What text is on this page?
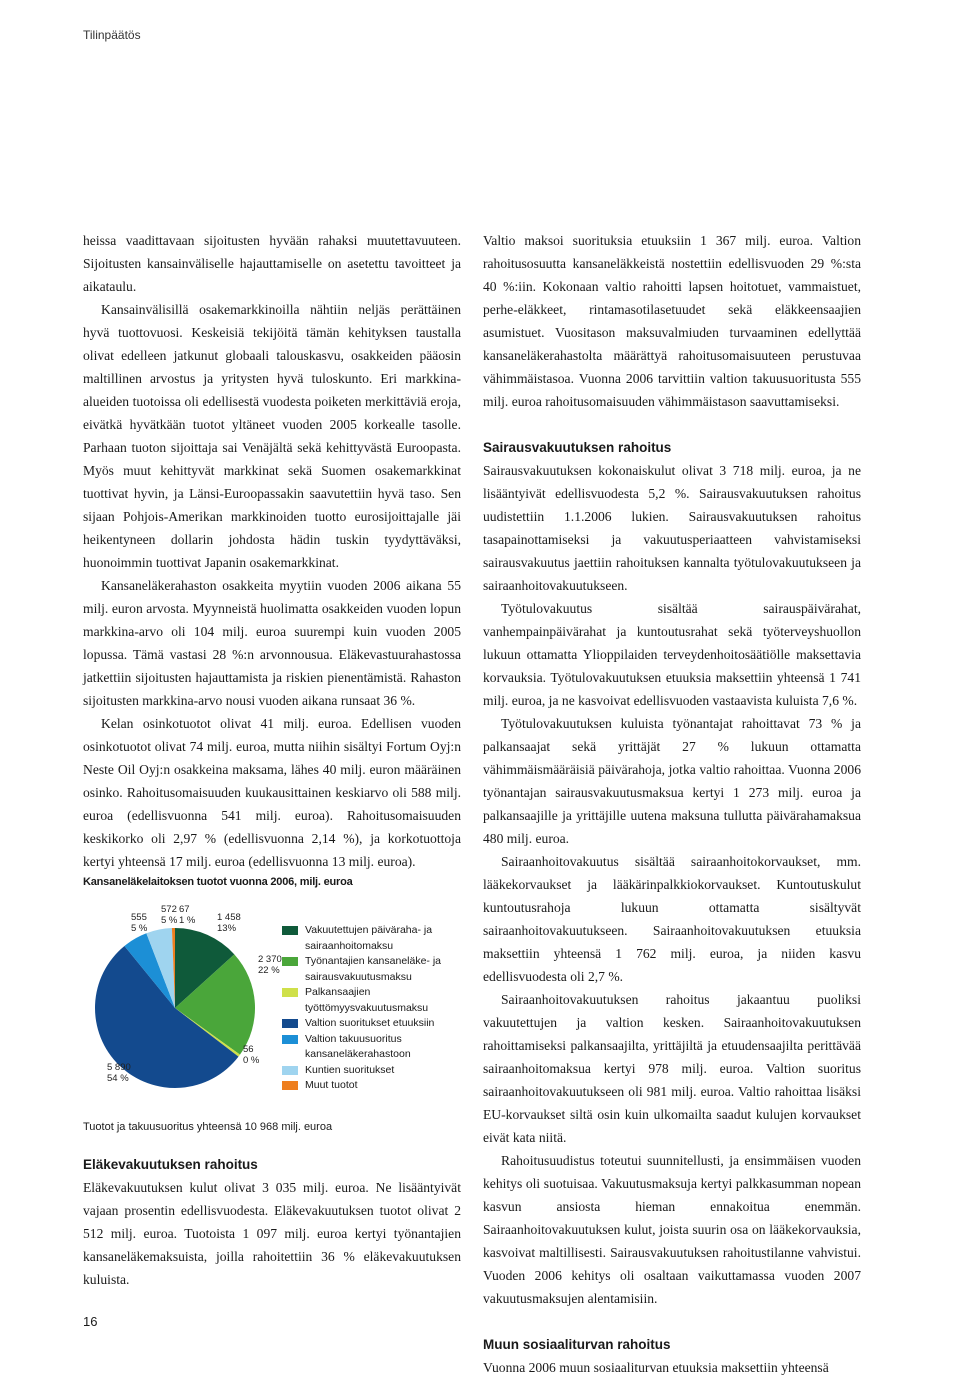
Tilinpäätös

heissa vaadittavaan sijoitusten hyvään rahaksi muutettavuuteen. Sijoitusten kansainväliselle hajauttamiselle on asetettu tavoitteet ja aikataulu.

Kansainvälisillä osakemarkkinoilla nähtiin neljäs perättäinen hyvä tuottovuosi. Keskeisiä tekijöitä tämän kehityksen taustalla olivat edelleen jatkunut globaali talouskasvu, osakkeiden pääosin maltillinen arvostus ja yritysten hyvä tuloskunto. Eri markkina-alueiden tuotoissa oli edellisestä vuodesta poiketen merkittäviä eroja, eivätkä hyvätkään tuotot yltäneet vuoden 2005 korkealle tasolle. Parhaan tuoton sijoittaja sai Venäjältä sekä kehittyvästä Euroopasta. Myös muut kehittyvät markkinat sekä Suomen osakemarkkinat tuottivat hyvin, ja Länsi-Euroopassakin saavutettiin hyvä taso. Sen sijaan Pohjois-Amerikan markkinoiden tuotto eurosijoittajalle jäi heikentyneen dollarin johdosta hädin tuskin tyydyttäväksi, huonoimmin tuottivat Japanin osakemarkkinat.

Kansaneläkerahaston osakkeita myytiin vuoden 2006 aikana 55 milj. euron arvosta. Myynneistä huolimatta osakkeiden vuoden lopun markkina-arvo oli 104 milj. euroa suurempi kuin vuoden 2005 lopussa. Tämä vastasi 28 %:n arvonnousua. Eläkevastuurahastossa jatkettiin sijoitusten hajauttamista ja riskien pienentämistä. Rahaston sijoitusten markkina-arvo nousi vuoden aikana runsaat 36 %.

Kelan osinkotuotot olivat 41 milj. euroa. Edellisen vuoden osinkotuotot olivat 74 milj. euroa, mutta niihin sisältyi Fortum Oyj:n Neste Oil Oyj:n osakkeina maksama, lähes 40 milj. euron määräinen osinko. Rahoitusomaisuuden kuukausittainen keskiarvo oli 588 milj. euroa (edellisvuonna 541 milj. euroa). Rahoitusomaisuuden keskikorko oli 2,97 % (edellisvuonna 2,14 %), ja korkotuottoja kertyi yhteensä 17 milj. euroa (edellisvuonna 13 milj. euroa).

Kansaneläkelaitoksen tuotot vuonna 2006, milj. euroa
1 458
13%
2 370
22 %
56
0 %
5 890
54 %
555
5 %
572
5 %
67
1 %
Vakuutettujen päiväraha- ja sairaanhoitomaksu
Työnantajien kansaneläke- ja sairausvakuutusmaksu
Palkansaajien työttömyysvakuutusmaksu
Valtion suoritukset etuuksiin
Valtion takuusuoritus kansaneläkerahastoon
Kuntien suoritukset
Muut tuotot
Tuotot ja takuusuoritus yhteensä 10 968 milj. euroa
Eläkevakuutuksen rahoitus

Eläkevakuutuksen kulut olivat 3 035 milj. euroa. Ne lisääntyivät vajaan prosentin edellisvuodesta. Eläkevakuutuksen tuotot olivat 2 512 milj. euroa. Tuotoista 1 097 milj. euroa kertyi työnantajien kansaneläkemaksuista, joilla rahoitettiin 36 % eläkevakuutuksen kuluista.

Valtio maksoi suorituksia etuuksiin 1 367 milj. euroa. Valtion rahoitusosuutta kansaneläkkeistä nostettiin edellisvuoden 29 %:sta 40 %:iin. Kokonaan valtio rahoitti lapsen hoitotuet, vammaistuet, perhe-eläkkeet, rintamasotilasetuudet sekä eläkkeensaajien asumistuet. Vuositason maksuvalmiuden turvaaminen edellyttää kansaneläkerahastolta määrättyä rahoitusomaisuuteen perustuvaa vähimmäistasoa. Vuonna 2006 tarvittiin valtion takuusuoritusta 555 milj. euroa rahoitusomaisuuden vähimmäistason saavuttamiseksi.

Sairausvakuutuksen rahoitus

Sairausvakuutuksen kokonaiskulut olivat 3 718 milj. euroa, ja ne lisääntyivät edellisvuodesta 5,2 %. Sairausvakuutuksen rahoitus uudistettiin 1.1.2006 lukien. Sairausvakuutuksen rahoitus tasapainottamiseksi ja vakuutusperiaatteen vahvistamiseksi sairausvakuutus jaettiin rahoituksen kannalta työtulovakuutukseen ja sairaanhoitovakuutukseen.

Työtulovakuutus sisältää sairauspäivärahat, vanhempainpäivärahat ja kuntoutusrahat sekä työterveyshuollon lukuun ottamatta Ylioppilaiden terveydenhoitosäätiölle maksettavia korvauksia. Työtulovakuutuksen etuuksia maksettiin yhteensä 1 741 milj. euroa, ja ne kasvoivat edellisvuoden vastaavista kuluista 7,6 %.

Työtulovakuutuksen kuluista työnantajat rahoittavat 73 % ja palkansaajat sekä yrittäjät 27 % lukuun ottamatta vähimmäismääräisiä päivärahoja, jotka valtio rahoittaa. Vuonna 2006 työnantajan sairausvakuutusmaksua kertyi 1 273 milj. euroa ja palkansaajille ja yrittäjille uutena maksuna tullutta päivärahamaksua 480 milj. euroa.

Sairaanhoitovakuutus sisältää sairaanhoitokorvaukset, mm. lääkekorvaukset ja lääkärinpalkkiokorvaukset. Kuntoutuskulut kuntoutusrahoja lukuun ottamatta sisältyvät sairaanhoitovakuutukseen. Sairaanhoitovakuutuksen etuuksia maksettiin yhteensä 1 762 milj. euroa, ja niiden kasvu edellisvuodesta oli 2,7 %.

Sairaanhoitovakuutuksen rahoitus jakaantuu puoliksi vakuutettujen ja valtion kesken. Sairaanhoitovakuutuksen rahoittamiseksi palkansaajilta, yrittäjiltä ja etuudensaajilta perittävää sairaanhoitomaksua kertyi 978 milj. euroa. Valtion suoritus sairaanhoitovakuutukseen oli 981 milj. euroa. Valtio rahoittaa lisäksi EU-korvaukset siltä osin kuin ulkomailta saadut kulujen korvaukset eivät kata niitä.

Rahoitusuudistus toteutui suunnitellusti, ja ensimmäisen vuoden kehitys oli suotuisaa. Vakuutusmaksuja kertyi palkkasumman nopean kasvun ansiosta hieman ennakoitua enemmän. Sairaanhoitovakuutuksen kulut, joista suurin osa on lääkekorvauksia, kasvoivat maltillisesti. Sairausvakuutuksen rahoitustilanne vahvistui. Vuoden 2006 kehitys oli osaltaan vaikuttamassa vuoden 2007 vakuutusmaksujen alentamisiin.

Muun sosiaaliturvan rahoitus

Vuonna 2006 muun sosiaaliturvan etuuksia maksettiin yhteensä

16
